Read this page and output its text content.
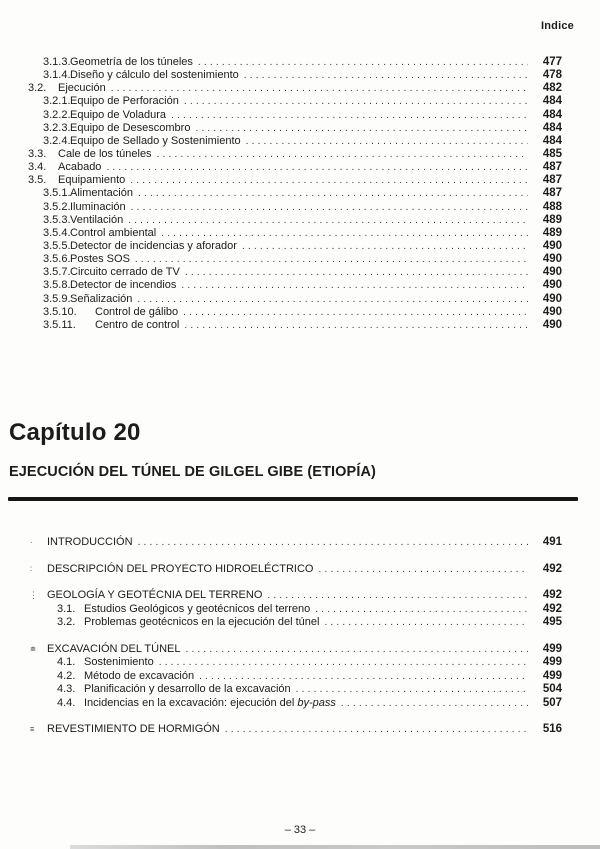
Indice
3.1.3. Geometría de los túneles .....	477
3.1.4. Diseño y cálculo del sostenimiento .....	478
3.2.	Ejecución .....	482
3.2.1. Equipo de Perforación .....	484
3.2.2. Equipo de Voladura .....	484
3.2.3. Equipo de Desescombro .....	484
3.2.4. Equipo de Sellado y Sostenimiento .....	484
3.3.	Cale de los túneles .....	485
3.4.	Acabado .....	487
3.5.	Equipamiento .....	487
3.5.1. Alimentación .....	487
3.5.2. Iluminación .....	488
3.5.3. Ventilación .....	489
3.5.4. Control ambiental .....	489
3.5.5. Detector de incidencias y aforador .....	490
3.5.6. Postes SOS .....	490
3.5.7. Circuito cerrado de TV .....	490
3.5.8. Detector de incendios .....	490
3.5.9. Señalización .....	490
3.5.10.	Control de gálibo .....	490
3.5.11.	Centro de control .....	490
Capítulo 20
EJECUCIÓN DEL TÚNEL DE GILGEL GIBE (ETIOPÍA)
·	INTRODUCCIÓN .....	491
∶	DESCRIPCIÓN DEL PROYECTO HIDROELÉCTRICO .....	492
⋮ GEOLOGÍA Y GEOTÉCNIA DEL TERRENO .....	492
3.1. Estudios Geológicos y geotécnicos del terreno .....	492
3.2. Problemas geotécnicos en la ejecución del túnel .....	495
≐ EXCAVACIÓN DEL TÚNEL .....	499
4.1. Sostenimiento .....	499
4.2. Método de excavación .....	499
4.3. Planificación y desarrollo de la excavación .....	504
4.4. Incidencias en la excavación: ejecución del by-pass .....	507
≡	REVESTIMIENTO DE HORMIGÓN .....	516
– 33 –
